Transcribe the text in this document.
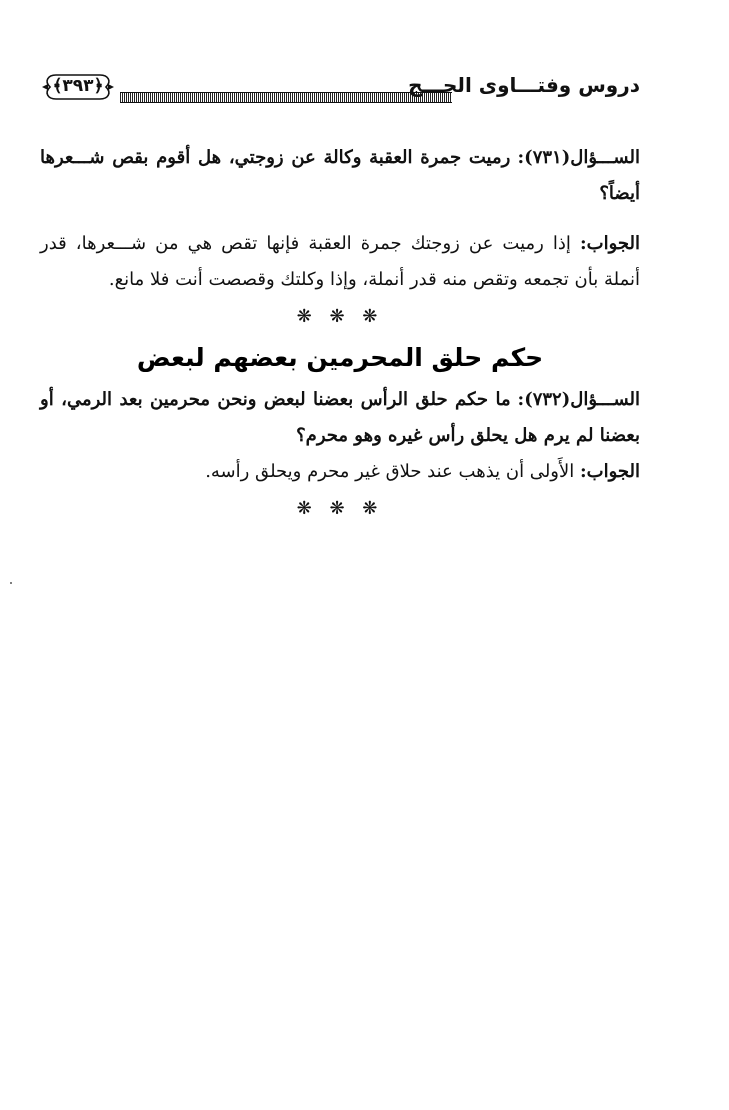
﴿٣٩٣﴾	دروس وفتـــاوى الحـــج

الســـؤال(٧٣١): رميت جمرة العقبة وكالة عن زوجتي، هل أقوم بقص شـــعرها أيضاً؟

الجواب: إذا رميت عن زوجتك جمرة العقبة فإنها تقص هي من شـــعرها، قدر أنملة بأن تجمعه وتقص منه قدر أنملة، وإذا وكلتك وقصصت أنت فلا مانع.

❋ ❋ ❋
حكم حلق المحرمين بعضهم لبعض

الســـؤال(٧٣٢): ما حكم حلق الرأس بعضنا لبعض ونحن محرمين بعد الرمي، أو بعضنا لم يرم هل يحلق رأس غيره وهو محرم؟

الجواب: الأَولى أن يذهب عند حلاق غير محرم ويحلق رأسه.

❋ ❋ ❋
